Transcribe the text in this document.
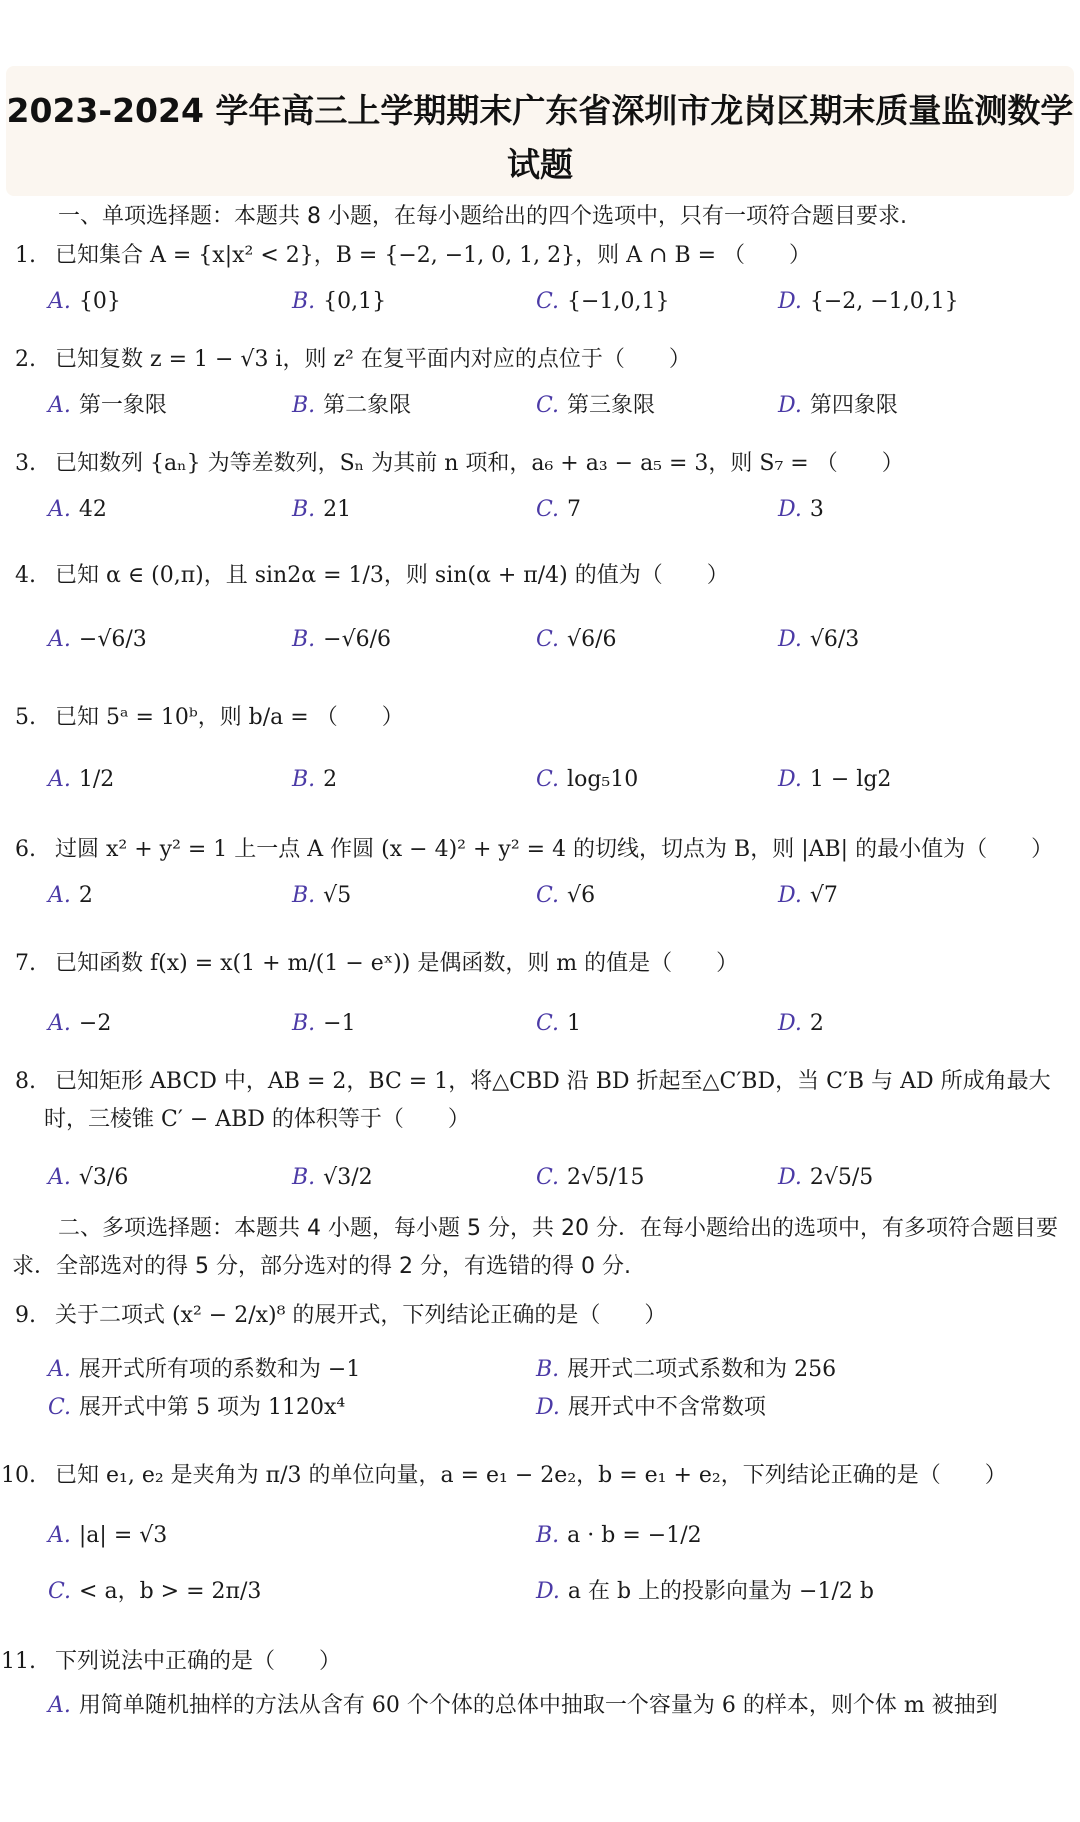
2023-2024 学年高三上学期期末广东省深圳市龙岗区期末质量监测数学试题
一、单项选择题：本题共 8 小题，在每小题给出的四个选项中，只有一项符合题目要求.
1. 已知集合 A = {x|x² < 2}，B = {−2, −1, 0, 1, 2}，则 A ∩ B = （　　）
A. {0}	B. {0,1}	C. {−1,0,1}	D. {−2, −1,0,1}
2. 已知复数 z = 1 − √3 i，则 z² 在复平面内对应的点位于（　　）
A. 第一象限	B. 第二象限	C. 第三象限	D. 第四象限
3. 已知数列 {aₙ} 为等差数列，Sₙ 为其前 n 项和，a₆ + a₃ − a₅ = 3，则 S₇ = （　　）
A. 42	B. 21	C. 7	D. 3
4. 已知 α ∈ (0,π)，且 sin2α = 1/3，则 sin(α + π/4) 的值为（　　）
A. −√6/3	B. −√6/6	C. √6/6	D. √6/3
5. 已知 5ᵃ = 10ᵇ，则 b/a = （　　）
A. 1/2	B. 2	C. log₅10	D. 1 − lg2
6. 过圆 x² + y² = 1 上一点 A 作圆 (x − 4)² + y² = 4 的切线，切点为 B，则 |AB| 的最小值为（　　）
A. 2	B. √5	C. √6	D. √7
7. 已知函数 f(x) = x(1 + m/(1 − eˣ)) 是偶函数，则 m 的值是（　　）
A. −2	B. −1	C. 1	D. 2
8. 已知矩形 ABCD 中，AB = 2，BC = 1，将△CBD 沿 BD 折起至△C′BD，当 C′B 与 AD 所成角最大
时，三棱锥 C′ − ABD 的体积等于（　　）
A. √3/6	B. √3/2	C. 2√5/15	D. 2√5/5
二、多项选择题：本题共 4 小题，每小题 5 分，共 20 分．在每小题给出的选项中，有多项符合题目要求．全部选对的得 5 分，部分选对的得 2 分，有选错的得 0 分.
9. 关于二项式 (x² − 2/x)⁸ 的展开式，下列结论正确的是（　　）
A. 展开式所有项的系数和为 −1	B. 展开式二项式系数和为 256
C. 展开式中第 5 项为 1120x⁴	D. 展开式中不含常数项
10. 已知 e₁, e₂ 是夹角为 π/3 的单位向量，a = e₁ − 2e₂，b = e₁ + e₂，下列结论正确的是（　　）
A. |a| = √3	B. a · b = −1/2
C. < a，b > = 2π/3	D. a 在 b 上的投影向量为 −1/2 b
11. 下列说法中正确的是（　　）
A. 用简单随机抽样的方法从含有 60 个个体的总体中抽取一个容量为 6 的样本，则个体 m 被抽到
